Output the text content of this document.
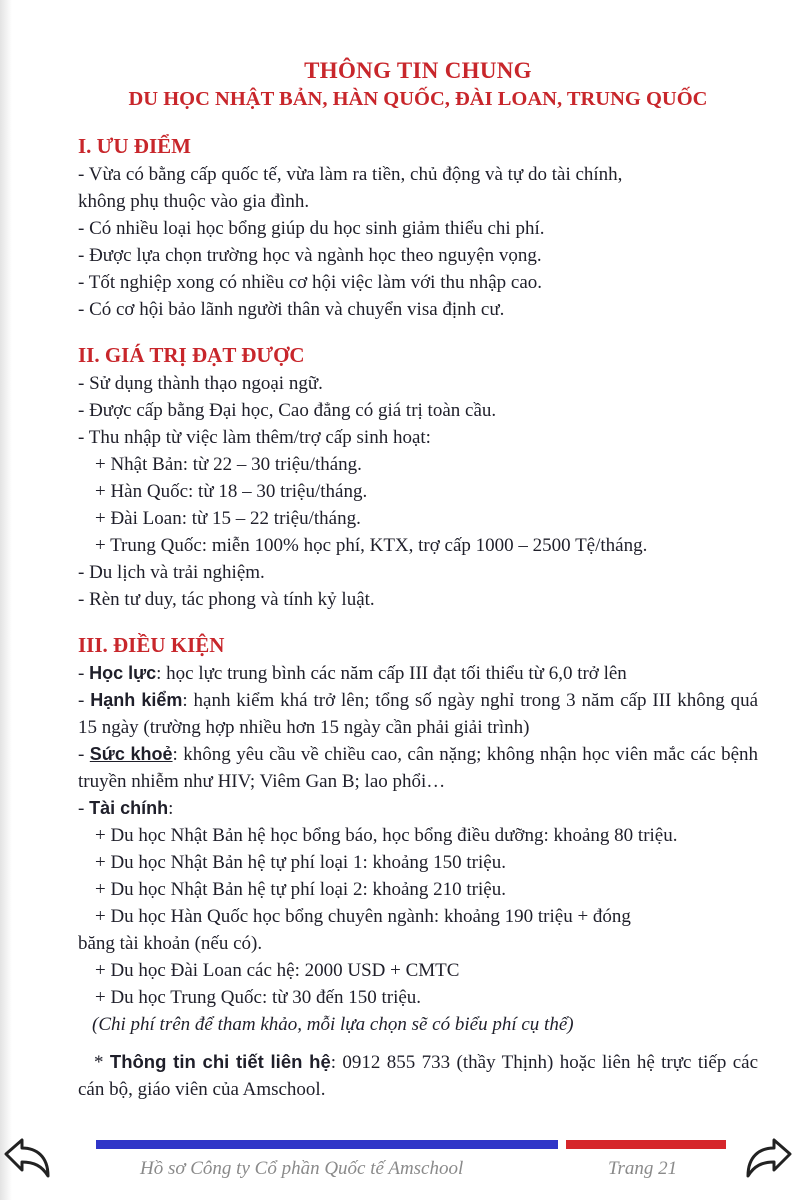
THÔNG TIN CHUNG
DU HỌC NHẬT BẢN, HÀN QUỐC, ĐÀI LOAN, TRUNG QUỐC
I. ƯU ĐIỂM
- Vừa có bằng cấp quốc tế, vừa làm ra tiền, chủ động và tự do tài chính,
không phụ thuộc vào gia đình.
- Có nhiều loại học bổng giúp du học sinh giảm thiểu chi phí.
- Được lựa chọn trường học và ngành học theo nguyện vọng.
- Tốt nghiệp xong có nhiều cơ hội việc làm với thu nhập cao.
- Có cơ hội bảo lãnh người thân và chuyển visa định cư.
II. GIÁ TRỊ ĐẠT ĐƯỢC
- Sử dụng thành thạo ngoại ngữ.
- Được cấp bằng Đại học, Cao đẳng có giá trị toàn cầu.
- Thu nhập từ việc làm thêm/trợ cấp sinh hoạt:
+ Nhật Bản: từ 22 – 30 triệu/tháng.
+ Hàn Quốc: từ 18 – 30 triệu/tháng.
+ Đài Loan: từ 15 – 22 triệu/tháng.
+ Trung Quốc: miễn 100% học phí, KTX, trợ cấp 1000 – 2500 Tệ/tháng.
- Du lịch và trải nghiệm.
- Rèn tư duy, tác phong và tính kỷ luật.
III. ĐIỀU KIỆN
- Học lực: học lực trung bình các năm cấp III đạt tối thiểu từ 6,0 trở lên
- Hạnh kiểm: hạnh kiểm khá trở lên; tổng số ngày nghỉ trong 3 năm cấp III không quá 15 ngày (trường hợp nhiều hơn 15 ngày cần phải giải trình)
- Sức khoẻ: không yêu cầu về chiều cao, cân nặng; không nhận học viên mắc các bệnh truyền nhiễm như HIV; Viêm Gan B; lao phổi…
- Tài chính:
+ Du học Nhật Bản hệ học bổng báo, học bổng điều dưỡng: khoảng 80 triệu.
+ Du học Nhật Bản hệ tự phí loại 1: khoảng 150 triệu.
+ Du học Nhật Bản hệ tự phí loại 2: khoảng 210 triệu.
+ Du học Hàn Quốc học bổng chuyên ngành: khoảng 190 triệu + đóng
băng tài khoản (nếu có).
+ Du học Đài Loan các hệ: 2000 USD + CMTC
+ Du học Trung Quốc: từ 30 đến 150 triệu.
(Chi phí trên để tham khảo, mỗi lựa chọn sẽ có biểu phí cụ thể)
* Thông tin chi tiết liên hệ: 0912 855 733 (thầy Thịnh) hoặc liên hệ trực tiếp các cán bộ, giáo viên của Amschool.
Hồ sơ Công ty Cổ phần Quốc tế Amschool	Trang 21
